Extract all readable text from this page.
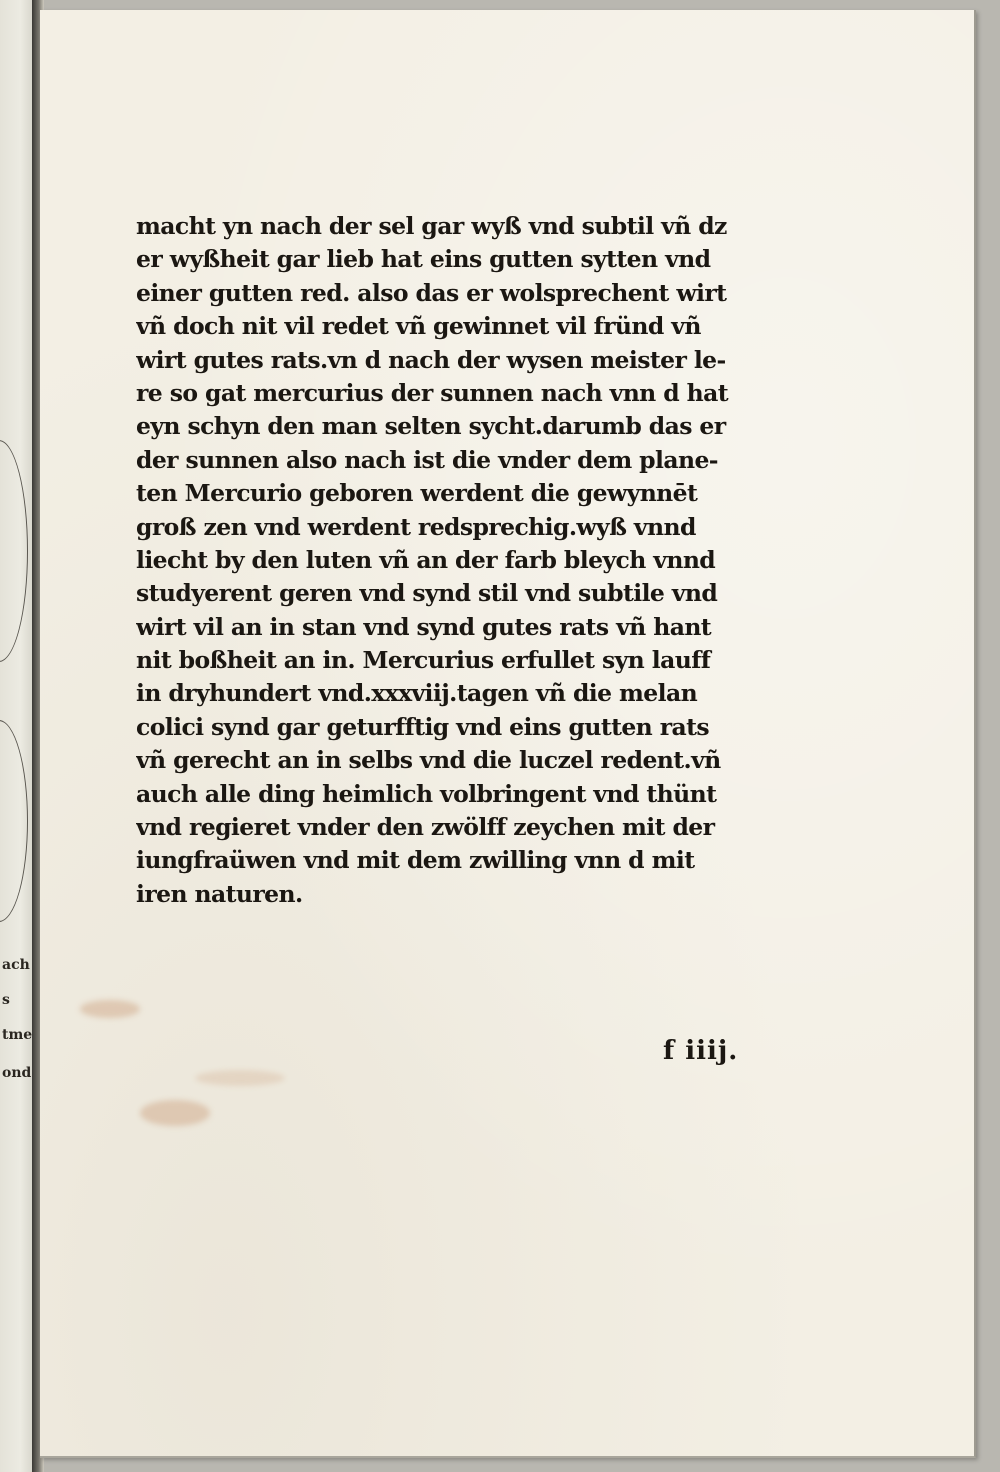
ach
s
tme
ond
macht yn nach der sel gar wyß vnd subtil vñ dz
er wyßheit gar lieb hat eins gutten sytten vnd
einer gutten red. also das er wolsprechent wirt
vñ doch nit vil redet vñ gewinnet vil fründ vñ
wirt gutes rats.vn d nach der wysen meister le‑
re so gat mercurius der sunnen nach vnn d hat
eyn schyn den man selten sycht.darumb das er
der sunnen also nach ist die vnder dem plane‑
ten Mercurio geboren werdent die gewynnēt
groß zen vnd werdent redsprechig.wyß vnnd
liecht by den luten vñ an der farb bleych vnnd
studyerent geren vnd synd stil vnd subtile vnd
wirt vil an in stan vnd synd gutes rats vñ hant
nit boßheit an in. Mercurius erfullet syn lauff
in dryhundert vnd.xxxviij.tagen vñ die melan
colici synd gar geturfftig vnd eins gutten rats
vñ gerecht an in selbs vnd die luczel redent.vñ
auch alle ding heimlich volbringent vnd thünt
vnd regieret vnder den zwölff zeychen mit der
iungfraüwen vnd mit dem zwilling vnn d mit
iren naturen.
f iiij.
